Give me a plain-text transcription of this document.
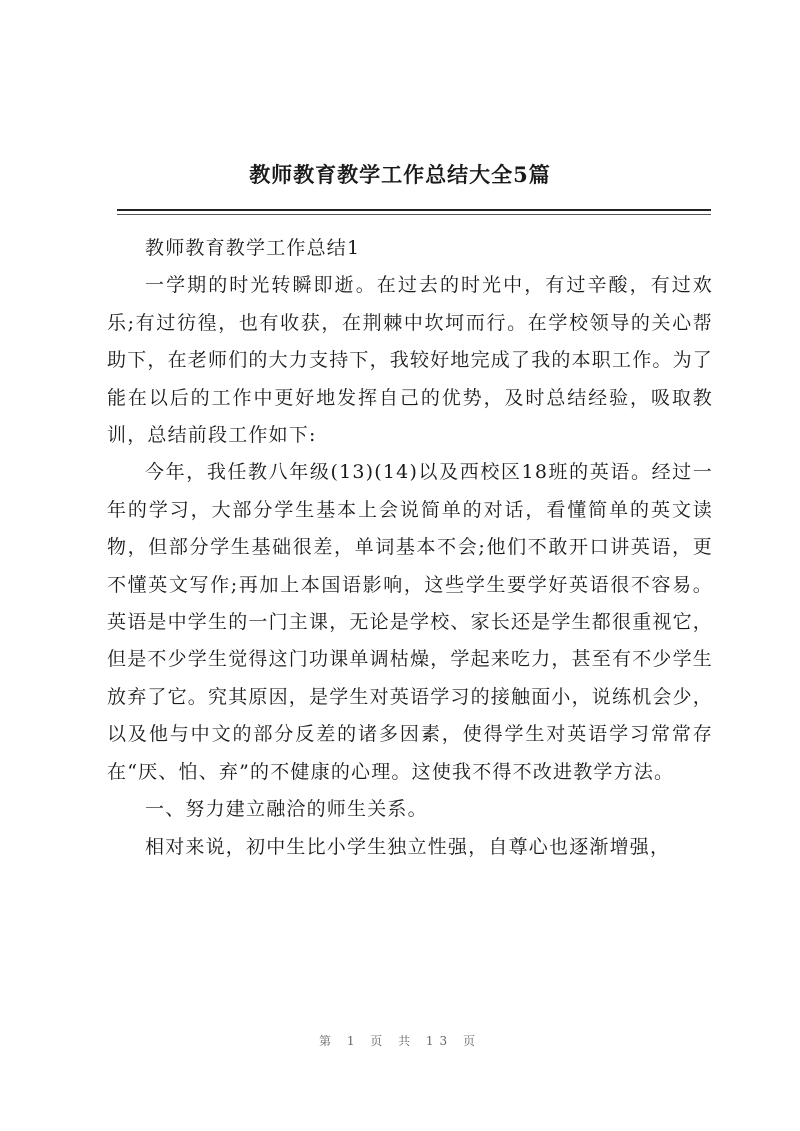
教师教育教学工作总结大全5篇

教师教育教学工作总结1

一学期的时光转瞬即逝。在过去的时光中，有过辛酸，有过欢乐;有过彷徨，也有收获，在荆棘中坎坷而行。在学校领导的关心帮助下，在老师们的大力支持下，我较好地完成了我的本职工作。为了能在以后的工作中更好地发挥自己的优势，及时总结经验，吸取教训，总结前段工作如下:

今年，我任教八年级(13)(14)以及西校区18班的英语。经过一年的学习，大部分学生基本上会说简单的对话，看懂简单的英文读物，但部分学生基础很差，单词基本不会;他们不敢开口讲英语，更不懂英文写作;再加上本国语影响，这些学生要学好英语很不容易。英语是中学生的一门主课，无论是学校、家长还是学生都很重视它，但是不少学生觉得这门功课单调枯燥，学起来吃力，甚至有不少学生放弃了它。究其原因，是学生对英语学习的接触面小，说练机会少，以及他与中文的部分反差的诸多因素，使得学生对英语学习常常存在“厌、怕、弃”的不健康的心理。这使我不得不改进教学方法。

一、努力建立融洽的师生关系。

相对来说，初中生比小学生独立性强，自尊心也逐渐增强，

第 1 页 共 13 页
